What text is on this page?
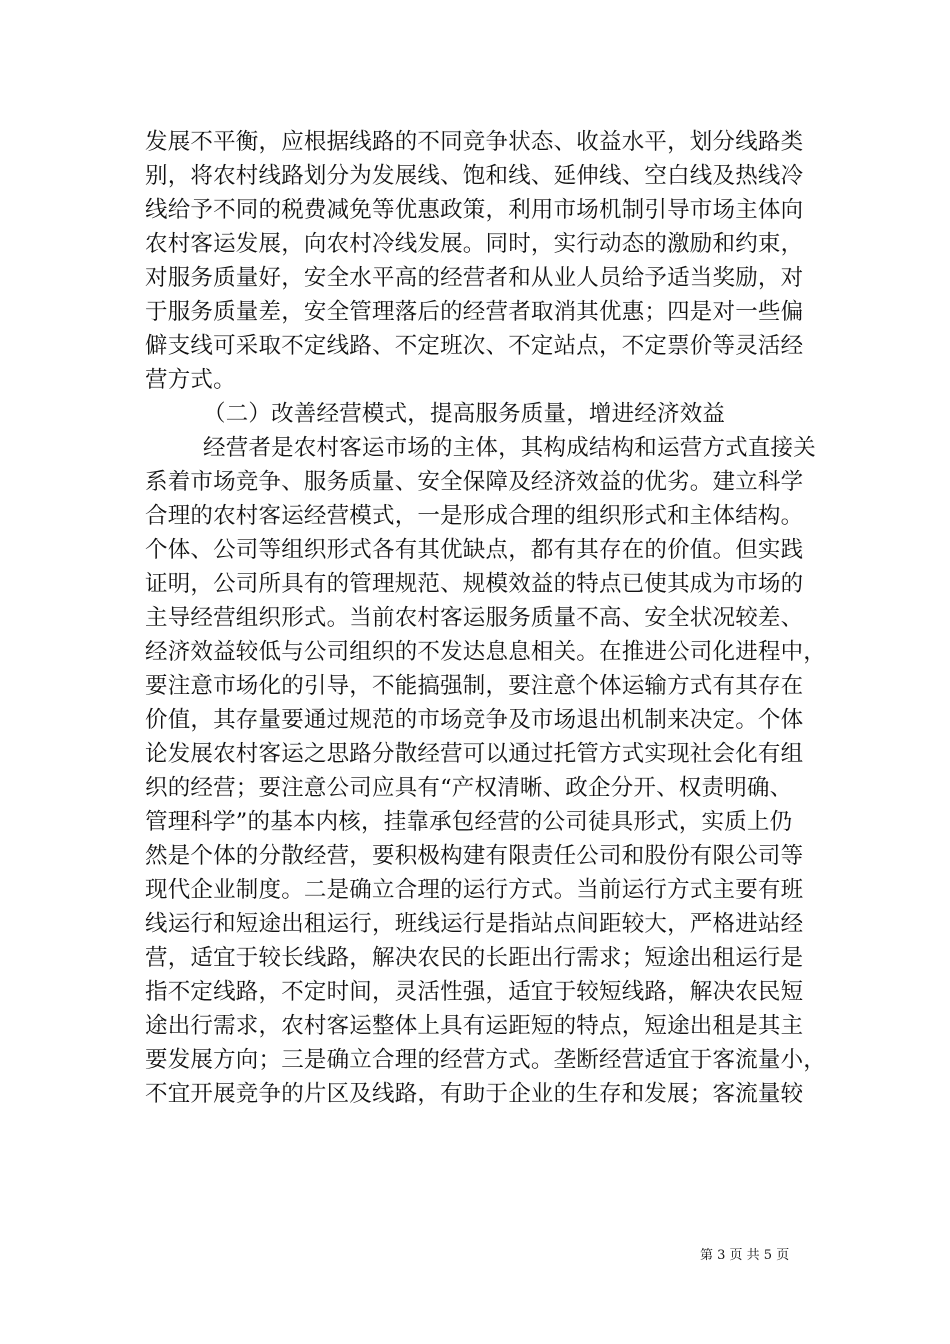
发展不平衡，应根据线路的不同竞争状态、收益水平，划分线路类
别，将农村线路划分为发展线、饱和线、延伸线、空白线及热线冷
线给予不同的税费减免等优惠政策，利用市场机制引导市场主体向
农村客运发展，向农村冷线发展。同时，实行动态的激励和约束，
对服务质量好，安全水平高的经营者和从业人员给予适当奖励，对
于服务质量差，安全管理落后的经营者取消其优惠；四是对一些偏
僻支线可采取不定线路、不定班次、不定站点，不定票价等灵活经
营方式。
（二）改善经营模式，提高服务质量，增进经济效益
经营者是农村客运市场的主体，其构成结构和运营方式直接关
系着市场竞争、服务质量、安全保障及经济效益的优劣。建立科学
合理的农村客运经营模式，一是形成合理的组织形式和主体结构。
个体、公司等组织形式各有其优缺点，都有其存在的价值。但实践
证明，公司所具有的管理规范、规模效益的特点已使其成为市场的
主导经营组织形式。当前农村客运服务质量不高、安全状况较差、
经济效益较低与公司组织的不发达息息相关。在推进公司化进程中，
要注意市场化的引导，不能搞强制，要注意个体运输方式有其存在
价值，其存量要通过规范的市场竞争及市场退出机制来决定。个体
论发展农村客运之思路分散经营可以通过托管方式实现社会化有组
织的经营；要注意公司应具有“产权清晰、政企分开、权责明确、
管理科学”的基本内核，挂靠承包经营的公司徒具形式，实质上仍
然是个体的分散经营，要积极构建有限责任公司和股份有限公司等
现代企业制度。二是确立合理的运行方式。当前运行方式主要有班
线运行和短途出租运行，班线运行是指站点间距较大，严格进站经
营，适宜于较长线路，解决农民的长距出行需求；短途出租运行是
指不定线路，不定时间，灵活性强，适宜于较短线路，解决农民短
途出行需求，农村客运整体上具有运距短的特点，短途出租是其主
要发展方向；三是确立合理的经营方式。垄断经营适宜于客流量小，
不宜开展竞争的片区及线路，有助于企业的生存和发展；客流量较
第 3 页 共 5 页
